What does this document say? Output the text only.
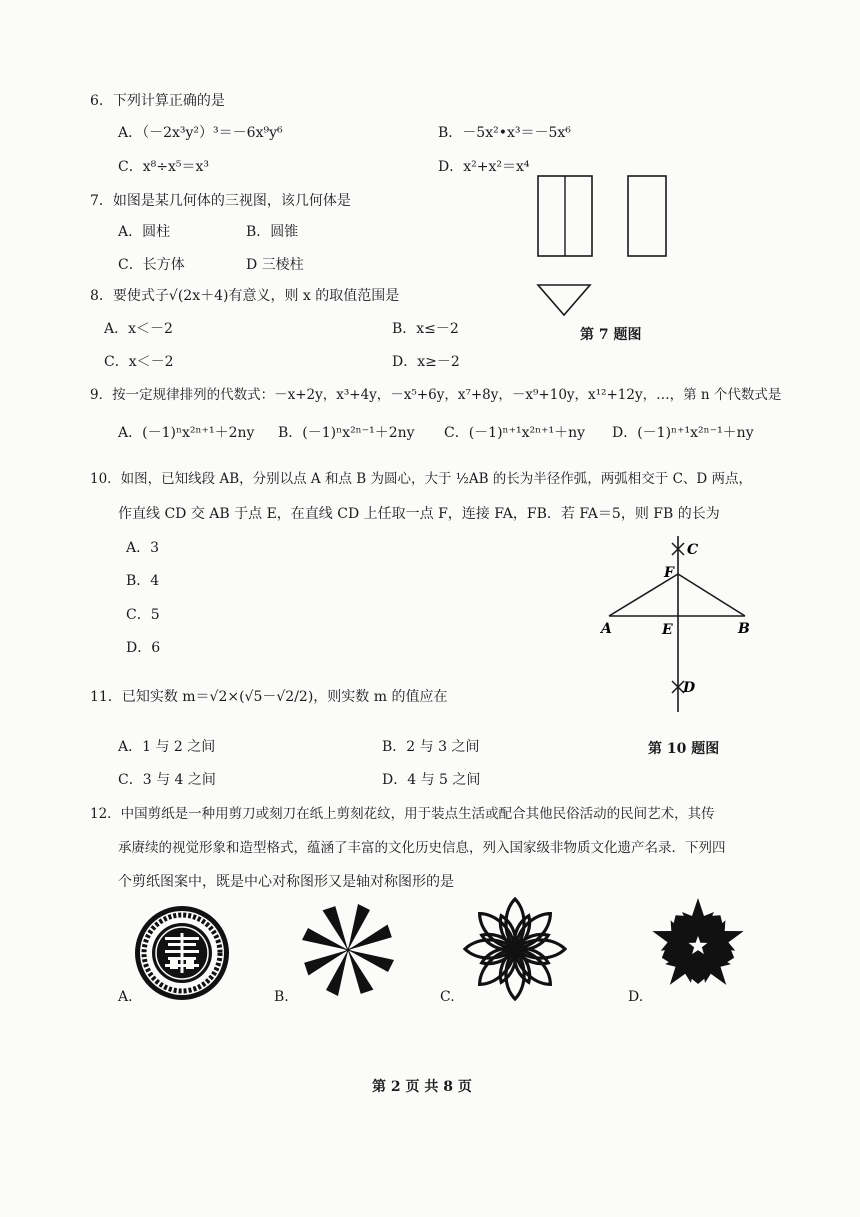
6．下列计算正确的是
A．（－2x³y²）³＝－6x⁹y⁶	B．－5x²•x³＝－5x⁶
C．x⁸÷x⁵＝x³	D．x²+x²＝x⁴
7．如图是某几何体的三视图，该几何体是
A．圆柱	B．圆锥
C．长方体	D 三棱柱
第 7 题图
8．要使式子√(2x＋4)有意义，则 x 的取值范围是
A．x＜－2	B．x≤－2
C．x＜－2	D．x≥－2
9．按一定规律排列的代数式：－x+2y，x³+4y，－x⁵+6y，x⁷+8y，－x⁹+10y，x¹²+12y，…，第 n 个代数式是
A．(－1)ⁿx²ⁿ⁺¹＋2ny B．(－1)ⁿx²ⁿ⁻¹＋2ny C．(－1)ⁿ⁺¹x²ⁿ⁺¹＋ny D．(－1)ⁿ⁺¹x²ⁿ⁻¹＋ny
10．如图，已知线段 AB，分别以点 A 和点 B 为圆心，大于 ½AB 的长为半径作弧，两弧相交于 C、D 两点，
作直线 CD 交 AB 于点 E，在直线 CD 上任取一点 F，连接 FA，FB．若 FA＝5，则 FB 的长为
A．3
B．4
C．5
D．6
C
F
A	E	B
D
11．已知实数 m＝√2×(√5－√2/2)，则实数 m 的值应在
A．1 与 2 之间	B．2 与 3 之间
C．3 与 4 之间	D．4 与 5 之间
第 10 题图
12．中国剪纸是一种用剪刀或刻刀在纸上剪刻花纹，用于装点生活或配合其他民俗活动的民间艺术，其传
承赓续的视觉形象和造型格式，蕴涵了丰富的文化历史信息，列入国家级非物质文化遗产名录．下列四
个剪纸图案中，既是中心对称图形又是轴对称图形的是
A.	B.	C.	D.
第 2 页 共 8 页
